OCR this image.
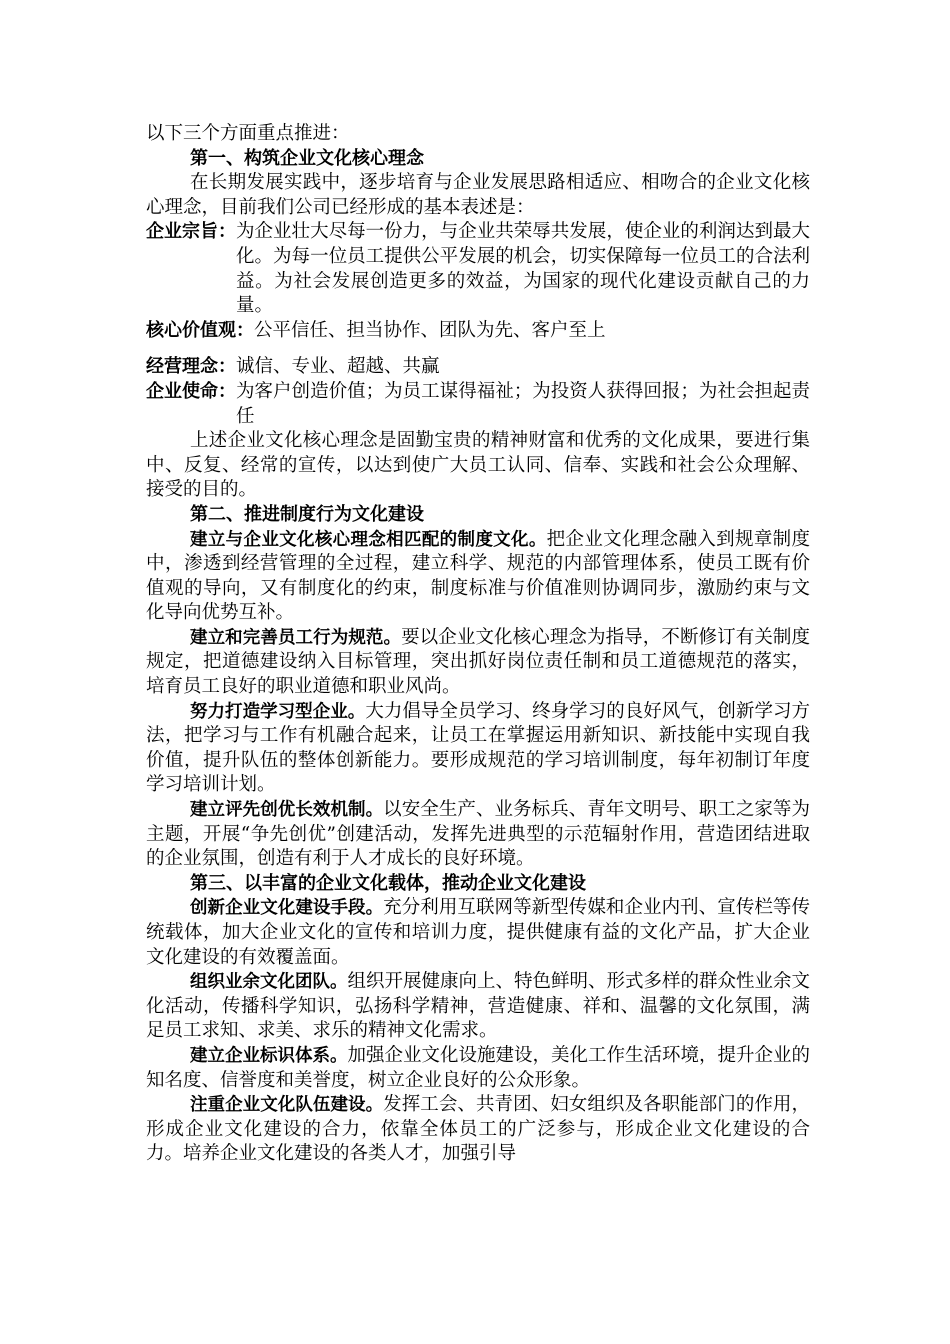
以下三个方面重点推进：

第一、构筑企业文化核心理念

在长期发展实践中，逐步培育与企业发展思路相适应、相吻合的企业文化核心理念，目前我们公司已经形成的基本表述是：

企业宗旨： 为企业壮大尽每一份力，与企业共荣辱共发展，使企业的利润达到最大化。为每一位员工提供公平发展的机会，切实保障每一位员工的合法利益。为社会发展创造更多的效益，为国家的现代化建设贡献自己的力量。
核心价值观： 公平信任、担当协作、团队为先、客户至上
经营理念： 诚信、专业、超越、共赢
企业使命： 为客户创造价值；为员工谋得福祉；为投资人获得回报；为社会担起责任

上述企业文化核心理念是固勤宝贵的精神财富和优秀的文化成果，要进行集中、反复、经常的宣传，以达到使广大员工认同、信奉、实践和社会公众理解、接受的目的。

第二、推进制度行为文化建设

建立与企业文化核心理念相匹配的制度文化。把企业文化理念融入到规章制度中，渗透到经营管理的全过程，建立科学、规范的内部管理体系，使员工既有价值观的导向，又有制度化的约束，制度标准与价值准则协调同步，激励约束与文化导向优势互补。

建立和完善员工行为规范。要以企业文化核心理念为指导，不断修订有关制度规定，把道德建设纳入目标管理，突出抓好岗位责任制和员工道德规范的落实，培育员工良好的职业道德和职业风尚。

努力打造学习型企业。大力倡导全员学习、终身学习的良好风气，创新学习方法，把学习与工作有机融合起来，让员工在掌握运用新知识、新技能中实现自我价值，提升队伍的整体创新能力。要形成规范的学习培训制度，每年初制订年度学习培训计划。

建立评先创优长效机制。以安全生产、业务标兵、青年文明号、职工之家等为主题，开展“争先创优”创建活动，发挥先进典型的示范辐射作用，营造团结进取的企业氛围，创造有利于人才成长的良好环境。

第三、以丰富的企业文化载体，推动企业文化建设

创新企业文化建设手段。充分利用互联网等新型传媒和企业内刊、宣传栏等传统载体，加大企业文化的宣传和培训力度，提供健康有益的文化产品，扩大企业文化建设的有效覆盖面。

组织业余文化团队。组织开展健康向上、特色鲜明、形式多样的群众性业余文化活动，传播科学知识，弘扬科学精神，营造健康、祥和、温馨的文化氛围，满足员工求知、求美、求乐的精神文化需求。

建立企业标识体系。加强企业文化设施建设，美化工作生活环境，提升企业的知名度、信誉度和美誉度，树立企业良好的公众形象。

注重企业文化队伍建设。发挥工会、共青团、妇女组织及各职能部门的作用，形成企业文化建设的合力，依靠全体员工的广泛参与，形成企业文化建设的合力。培养企业文化建设的各类人才，加强引导
